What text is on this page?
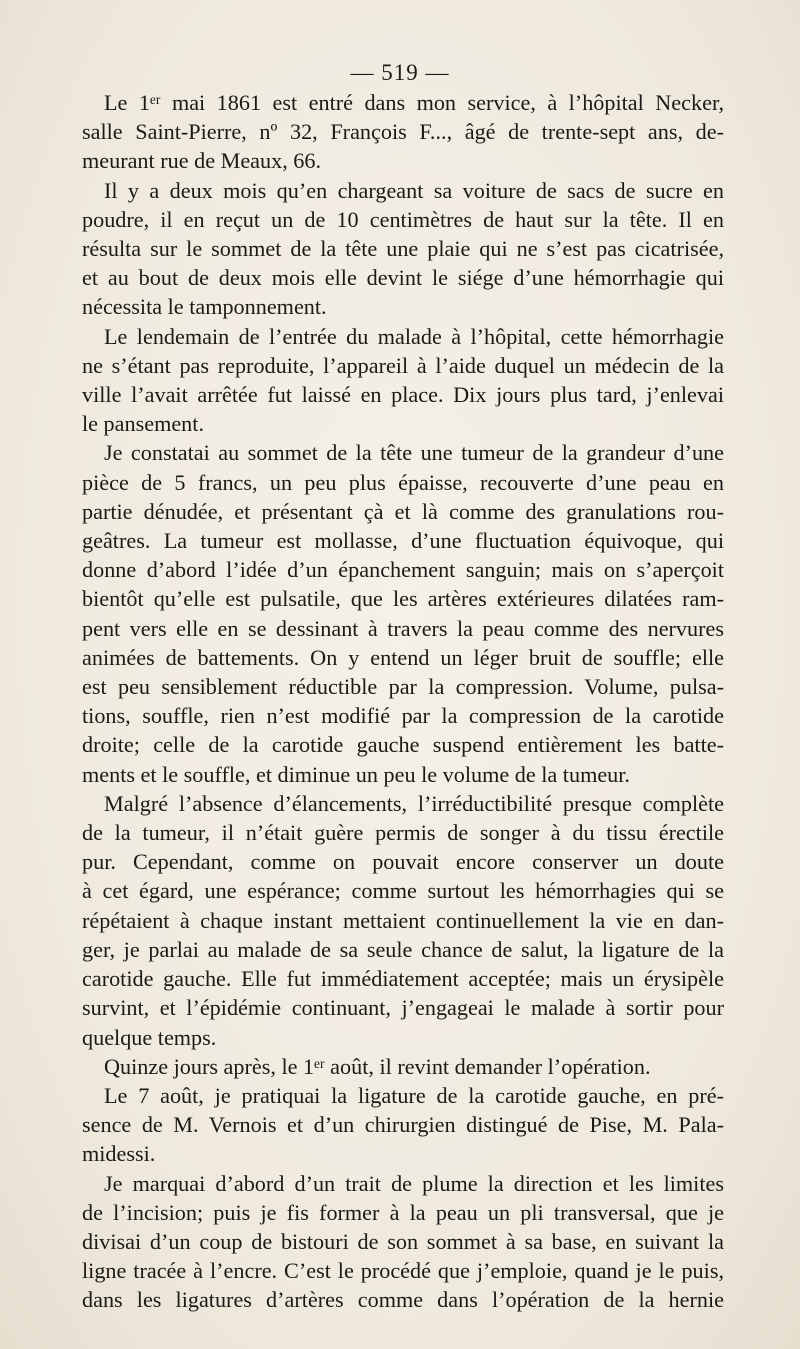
— 519 —
Le 1ᵉʳ mai 1861 est entré dans mon service, à l’hôpital Necker,
salle Saint-Pierre, nº 32, François F..., âgé de trente-sept ans, de-
meurant rue de Meaux, 66.
Il y a deux mois qu’en chargeant sa voiture de sacs de sucre en
poudre, il en reçut un de 10 centimètres de haut sur la tête. Il en
résulta sur le sommet de la tête une plaie qui ne s’est pas cicatrisée,
et au bout de deux mois elle devint le siége d’une hémorrhagie qui
nécessita le tamponnement.
Le lendemain de l’entrée du malade à l’hôpital, cette hémorrhagie
ne s’étant pas reproduite, l’appareil à l’aide duquel un médecin de la
ville l’avait arrêtée fut laissé en place. Dix jours plus tard, j’enlevai
le pansement.
Je constatai au sommet de la tête une tumeur de la grandeur d’une
pièce de 5 francs, un peu plus épaisse, recouverte d’une peau en
partie dénudée, et présentant çà et là comme des granulations rou-
geâtres. La tumeur est mollasse, d’une fluctuation équivoque, qui
donne d’abord l’idée d’un épanchement sanguin; mais on s’aperçoit
bientôt qu’elle est pulsatile, que les artères extérieures dilatées ram-
pent vers elle en se dessinant à travers la peau comme des nervures
animées de battements. On y entend un léger bruit de souffle; elle
est peu sensiblement réductible par la compression. Volume, pulsa-
tions, souffle, rien n’est modifié par la compression de la carotide
droite; celle de la carotide gauche suspend entièrement les batte-
ments et le souffle, et diminue un peu le volume de la tumeur.
Malgré l’absence d’élancements, l’irréductibilité presque complète
de la tumeur, il n’était guère permis de songer à du tissu érectile
pur. Cependant, comme on pouvait encore conserver un doute
à cet égard, une espérance; comme surtout les hémorrhagies qui se
répétaient à chaque instant mettaient continuellement la vie en dan-
ger, je parlai au malade de sa seule chance de salut, la ligature de la
carotide gauche. Elle fut immédiatement acceptée; mais un érysipèle
survint, et l’épidémie continuant, j’engageai le malade à sortir pour
quelque temps.
Quinze jours après, le 1ᵉʳ août, il revint demander l’opération.
Le 7 août, je pratiquai la ligature de la carotide gauche, en pré-
sence de M. Vernois et d’un chirurgien distingué de Pise, M. Pala-
midessi.
Je marquai d’abord d’un trait de plume la direction et les limites
de l’incision; puis je fis former à la peau un pli transversal, que je
divisai d’un coup de bistouri de son sommet à sa base, en suivant la
ligne tracée à l’encre. C’est le procédé que j’emploie, quand je le puis,
dans les ligatures d’artères comme dans l’opération de la hernie
